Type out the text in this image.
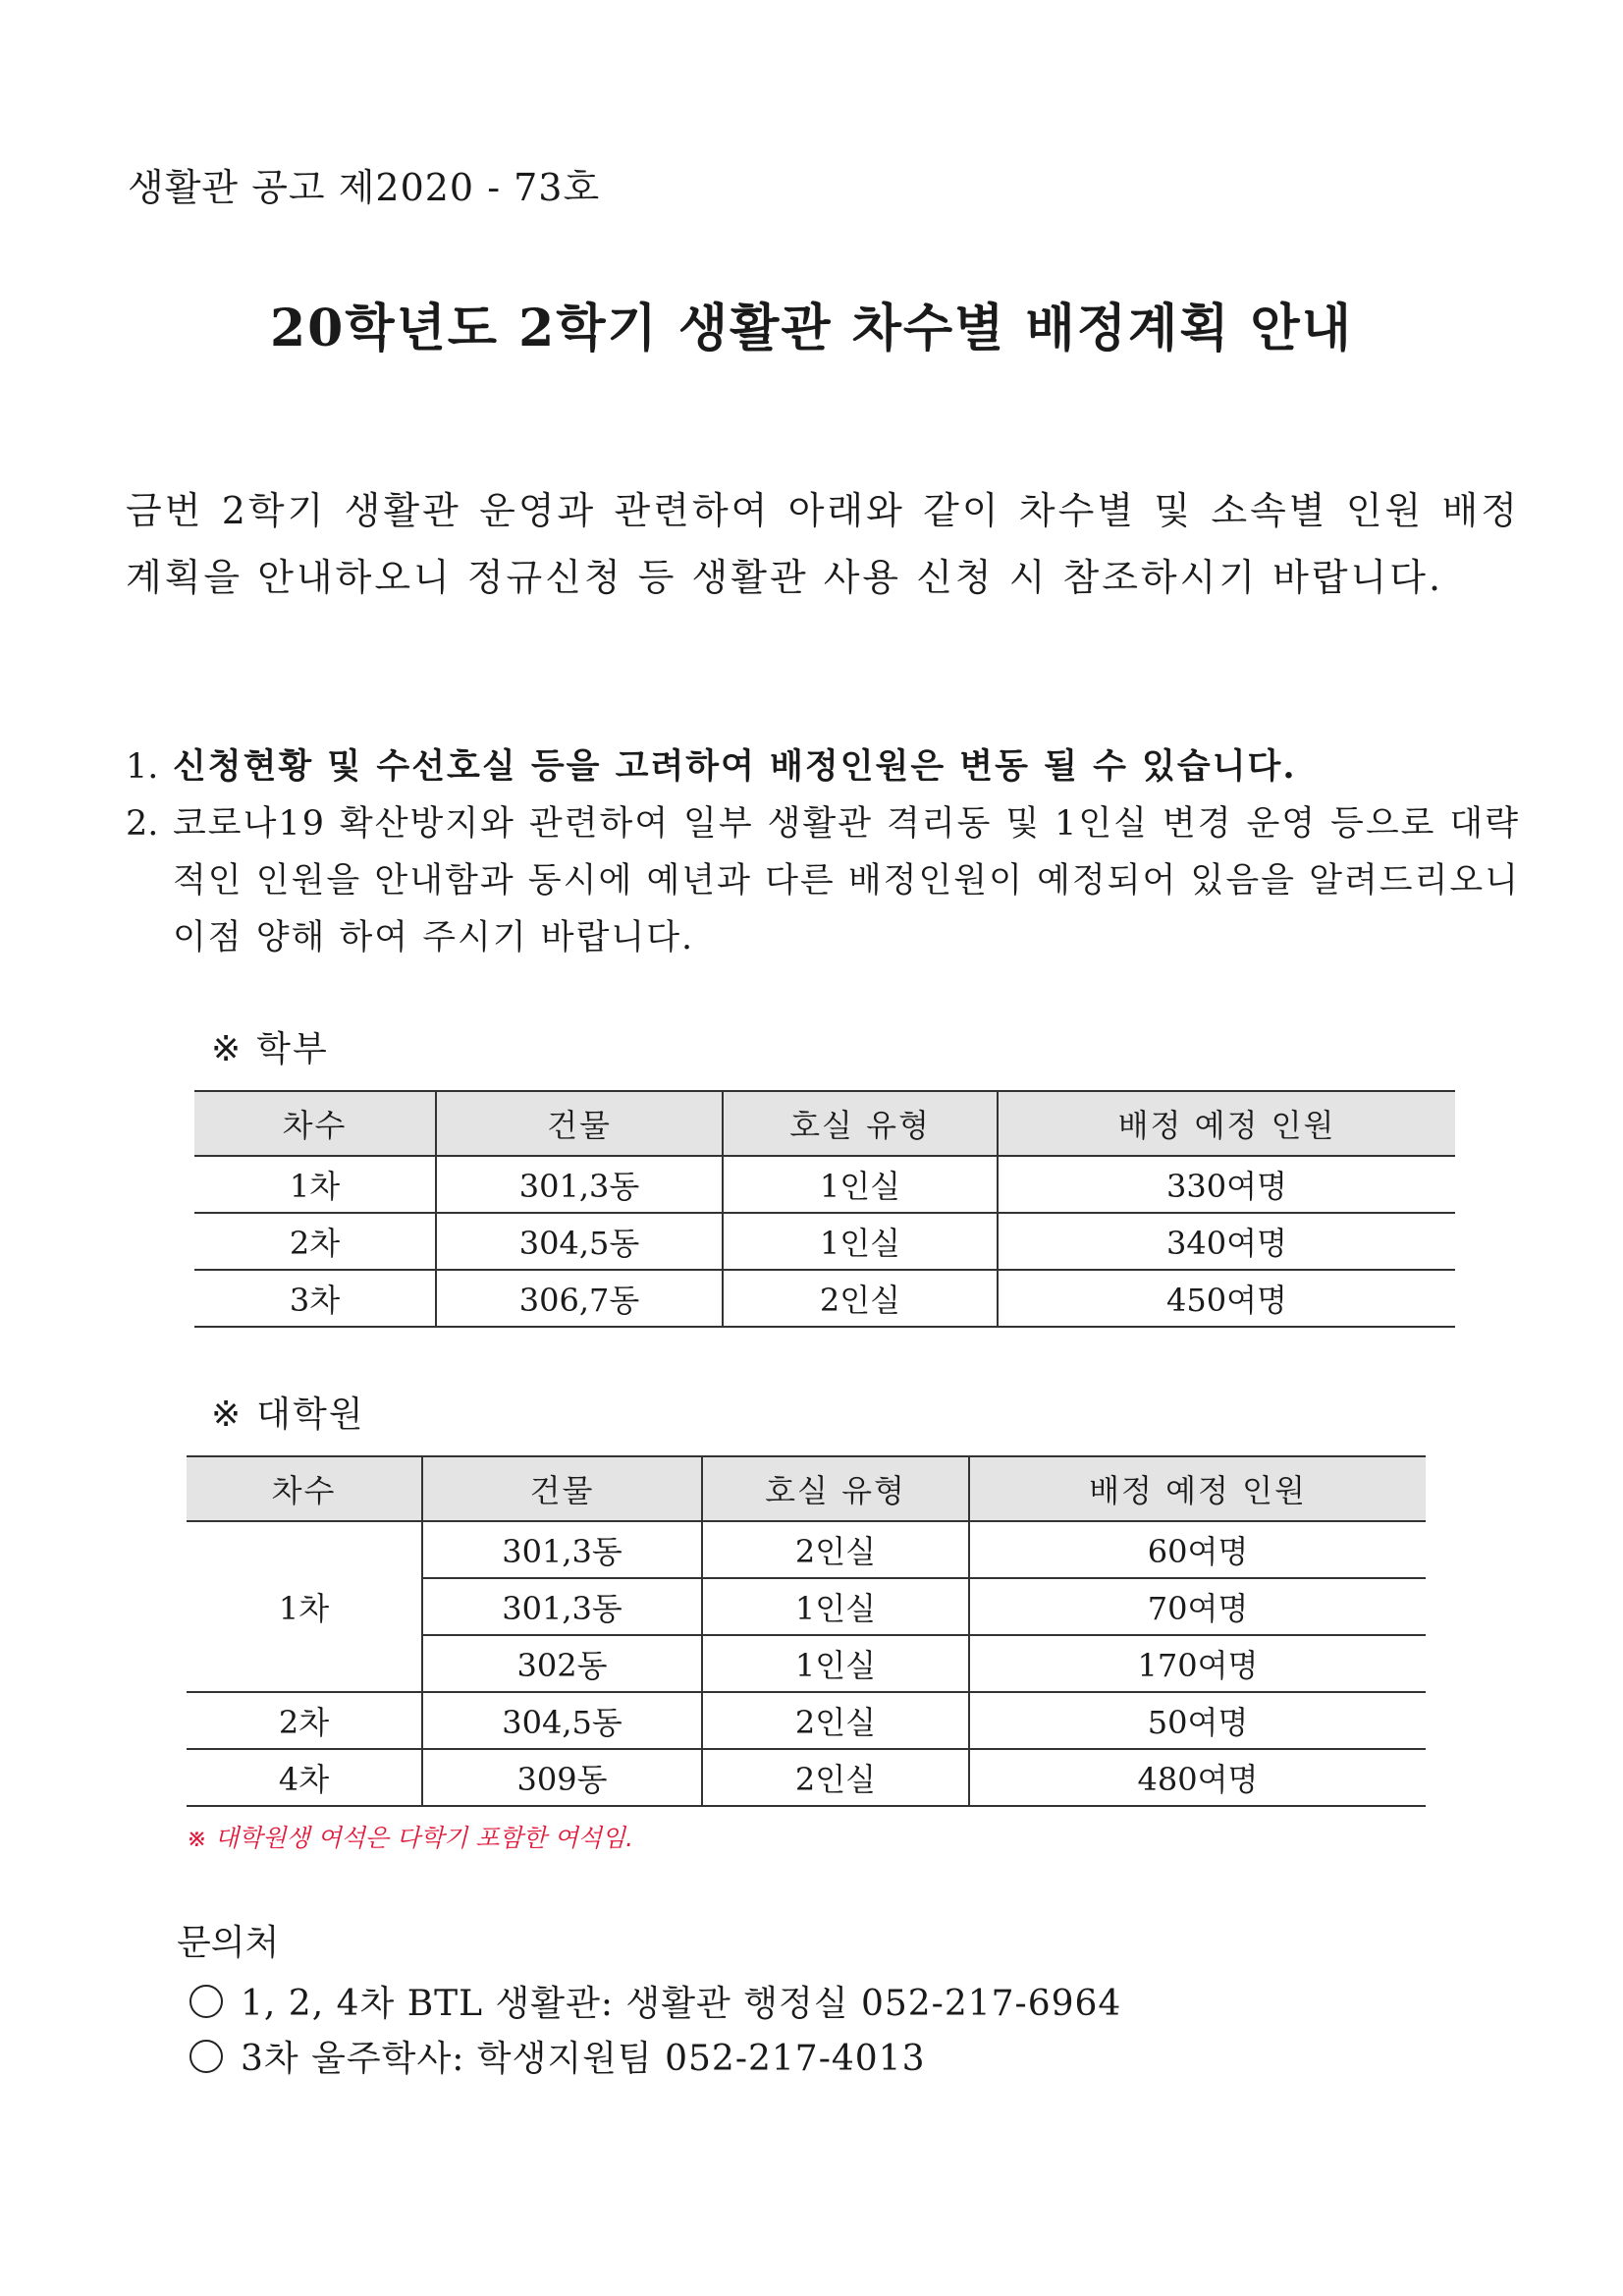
생활관 공고 제2020 - 73호
20학년도 2학기 생활관 차수별 배정계획 안내
금번 2학기 생활관 운영과 관련하여 아래와 같이 차수별 및 소속별 인원 배정계획을 안내하오니 정규신청 등 생활관 사용 신청 시 참조하시기 바랍니다.
1. 신청현황 및 수선호실 등을 고려하여 배정인원은 변동 될 수 있습니다.
2. 코로나19 확산방지와 관련하여 일부 생활관 격리동 및 1인실 변경 운영 등으로 대략적인 인원을 안내함과 동시에 예년과 다른 배정인원이 예정되어 있음을 알려드리오니 이점 양해 하여 주시기 바랍니다.
※ 학부
차수	건물	호실 유형	배정 예정 인원
1차	301,3동	1인실	330여명
2차	304,5동	1인실	340여명
3차	306,7동	2인실	450여명
※ 대학원
차수	건물	호실 유형	배정 예정 인원
1차	301,3동	2인실	60여명
	301,3동	1인실	70여명
	302동	1인실	170여명
2차	304,5동	2인실	50여명
4차	309동	2인실	480여명
※ 대학원생 여석은 다학기 포함한 여석임.
문의처
1, 2, 4차 BTL 생활관: 생활관 행정실 052-217-6964
3차 울주학사: 학생지원팀 052-217-4013
